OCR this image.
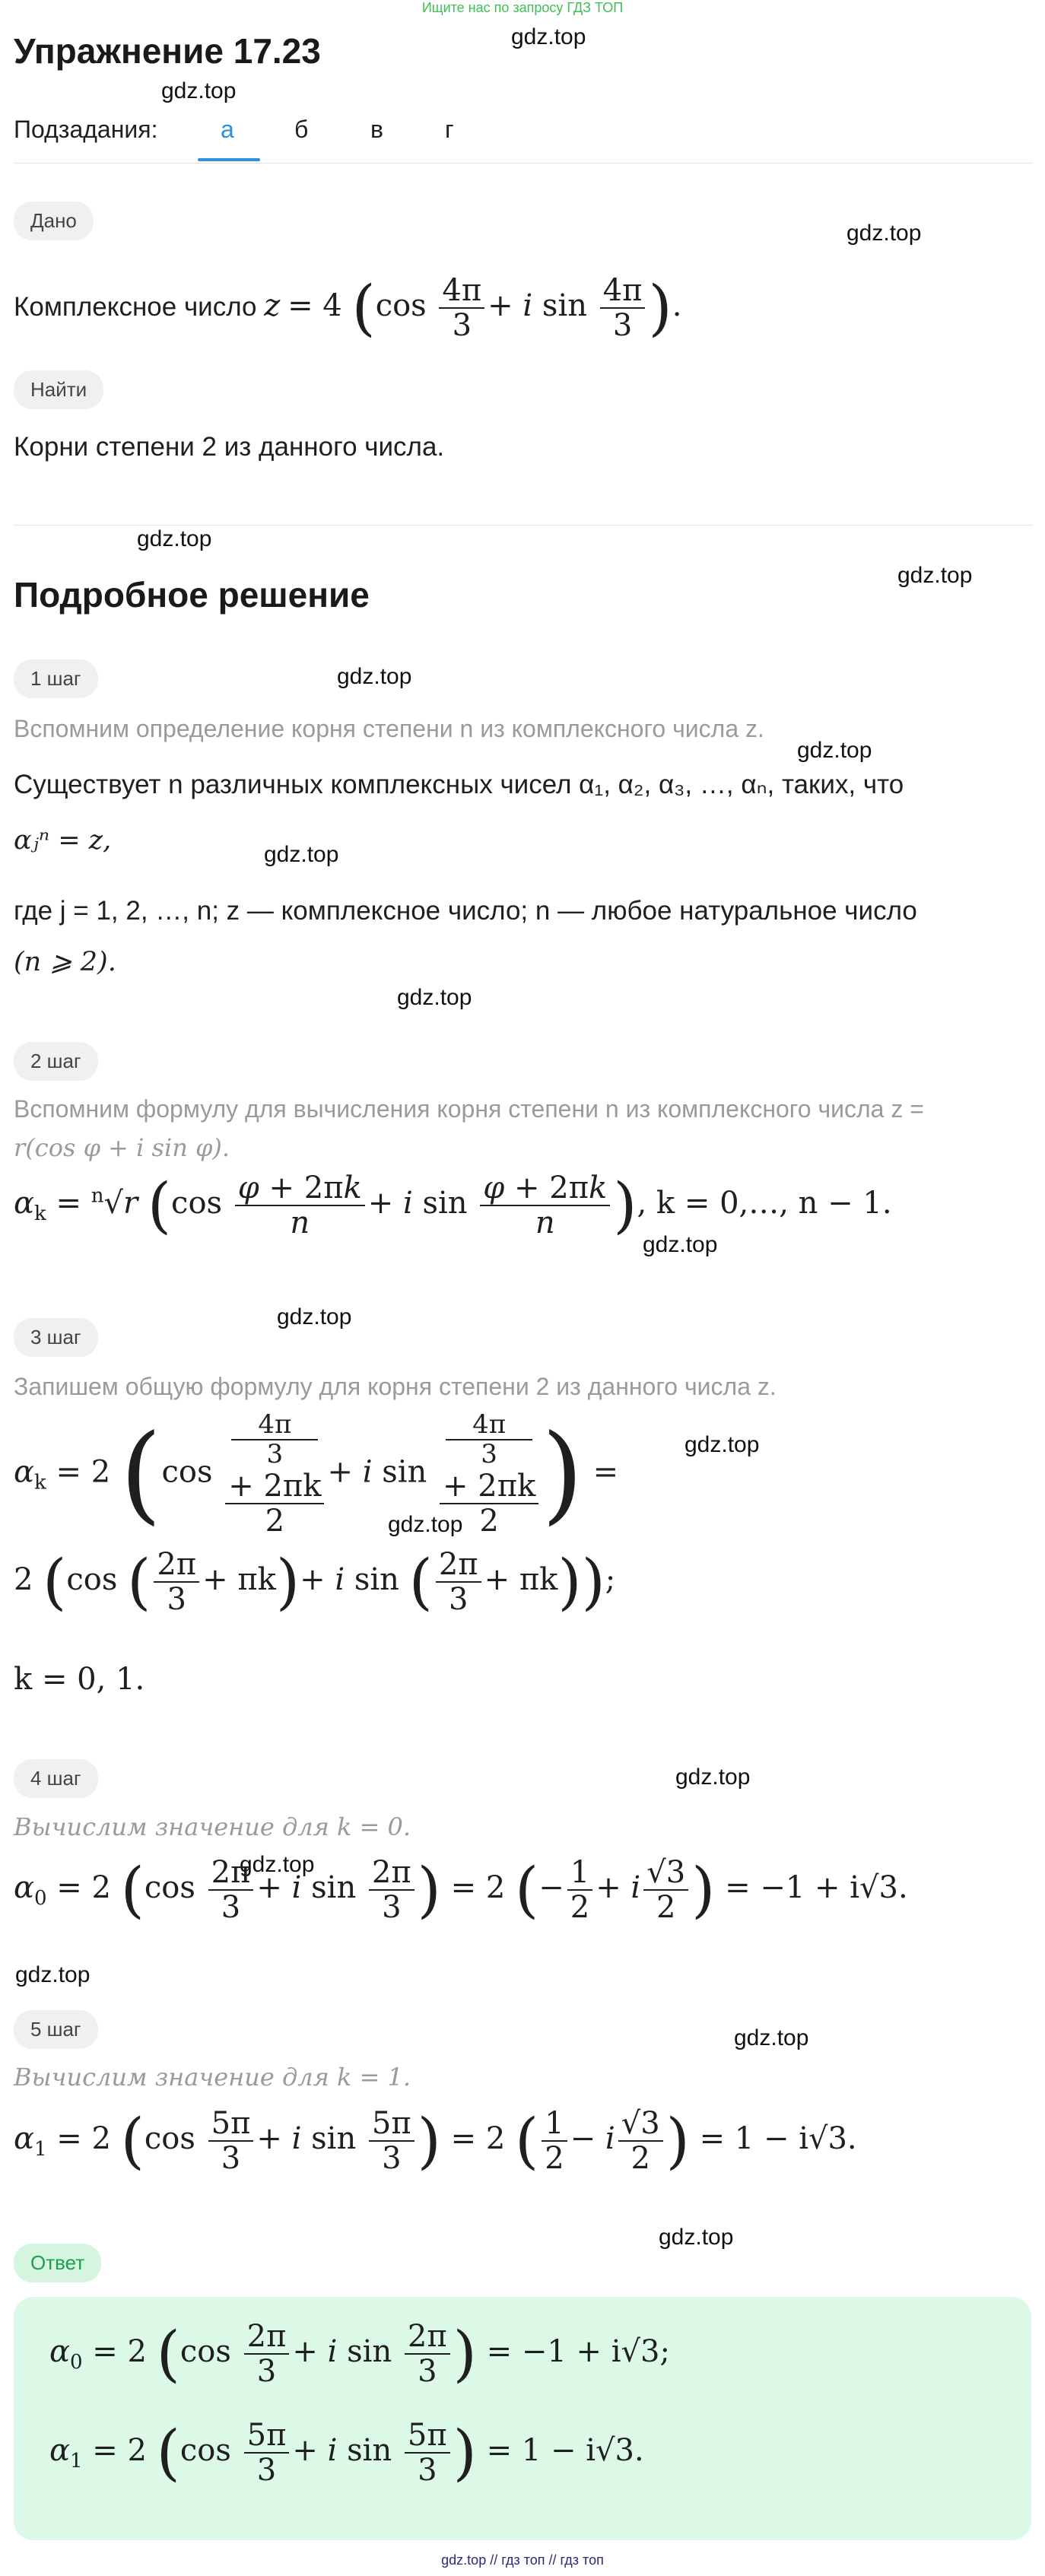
Ищите нас по запросу ГДЗ ТОП
Упражнение 17.23	gdz.top
gdz.top
gdz.top
gdz.top
gdz.top
gdz.top
gdz.top
gdz.top
gdz.top
gdz.top
gdz.top
gdz.top
gdz.top
gdz.top
gdz.top
gdz.top
gdz.top
gdz.top
Подзадания:	а б	в	г
Дано
Комплексное число z = 4 ($\cos \frac{4\pi}{3} + i$ $\sin \frac{4\pi}{3}$ ).
Найти
Корни степени 2 из данного числа.
Подробное решение
1 шаг
Вспомним определение корня степени n из комплексного числа z.
Существует n различных комплексных чисел α₁, α₂, α₃, …, αₙ, таких, что
αⱼⁿ = z,
где j = 1, 2, …, n; z — комплексное число; n — любое натуральное число
(n ⩾ 2).
2 шаг
Вспомним формулу для вычисления корня степени n из комплексного числа z =
r(cos φ + i sin φ).
$\alpha_k = ^n√r$ ($\cos \frac{\varphi + 2\pi k}{n} + i$ $\sin \frac{\varphi + 2\pi k}{n}$ ), k = 0,…, n − 1.
3 шаг
Запишем общую формулу для корня степени 2 из данного числа z.
$\alpha_k = 2$ (cos 4π
3
+ 2πk
2 + i sin 4π
3
+ 2πk
2 ) =
2 (cos ( $\frac{2\pi}{3} + \pi k)+ i$ sin ( $\frac{2\pi}{3} + \pi k$));
k = 0, 1.
4 шаг
Вычислим значение для k = 0.
$\alpha_0 = 2$ ($\cos \frac{2\pi}{3} + i$ $\sin \frac{2\pi}{3}$ ) = 2 (− $\frac{1}{2} + i \frac{√3}{2}$ ) = −1 + i√3.
5 шаг
Вычислим значение для k = 1.
$\alpha_1 = 2$ ($\cos \frac{5\pi}{3} + i$ $\sin \frac{5\pi}{3}$ ) = 2 ( $\frac{1}{2} - i \frac{√3}{2}$ ) = 1 − i√3.
Ответ
$\alpha_0 = 2$ ($\cos \frac{2\pi}{3} + i$ $\sin \frac{2\pi}{3}$ ) = −1 + i√3;
$\alpha_1 = 2$ ($\cos \frac{5\pi}{3} + i$ $\sin \frac{5\pi}{3}$ ) = 1 − i√3.
gdz.top // гдз топ // гдз топ
